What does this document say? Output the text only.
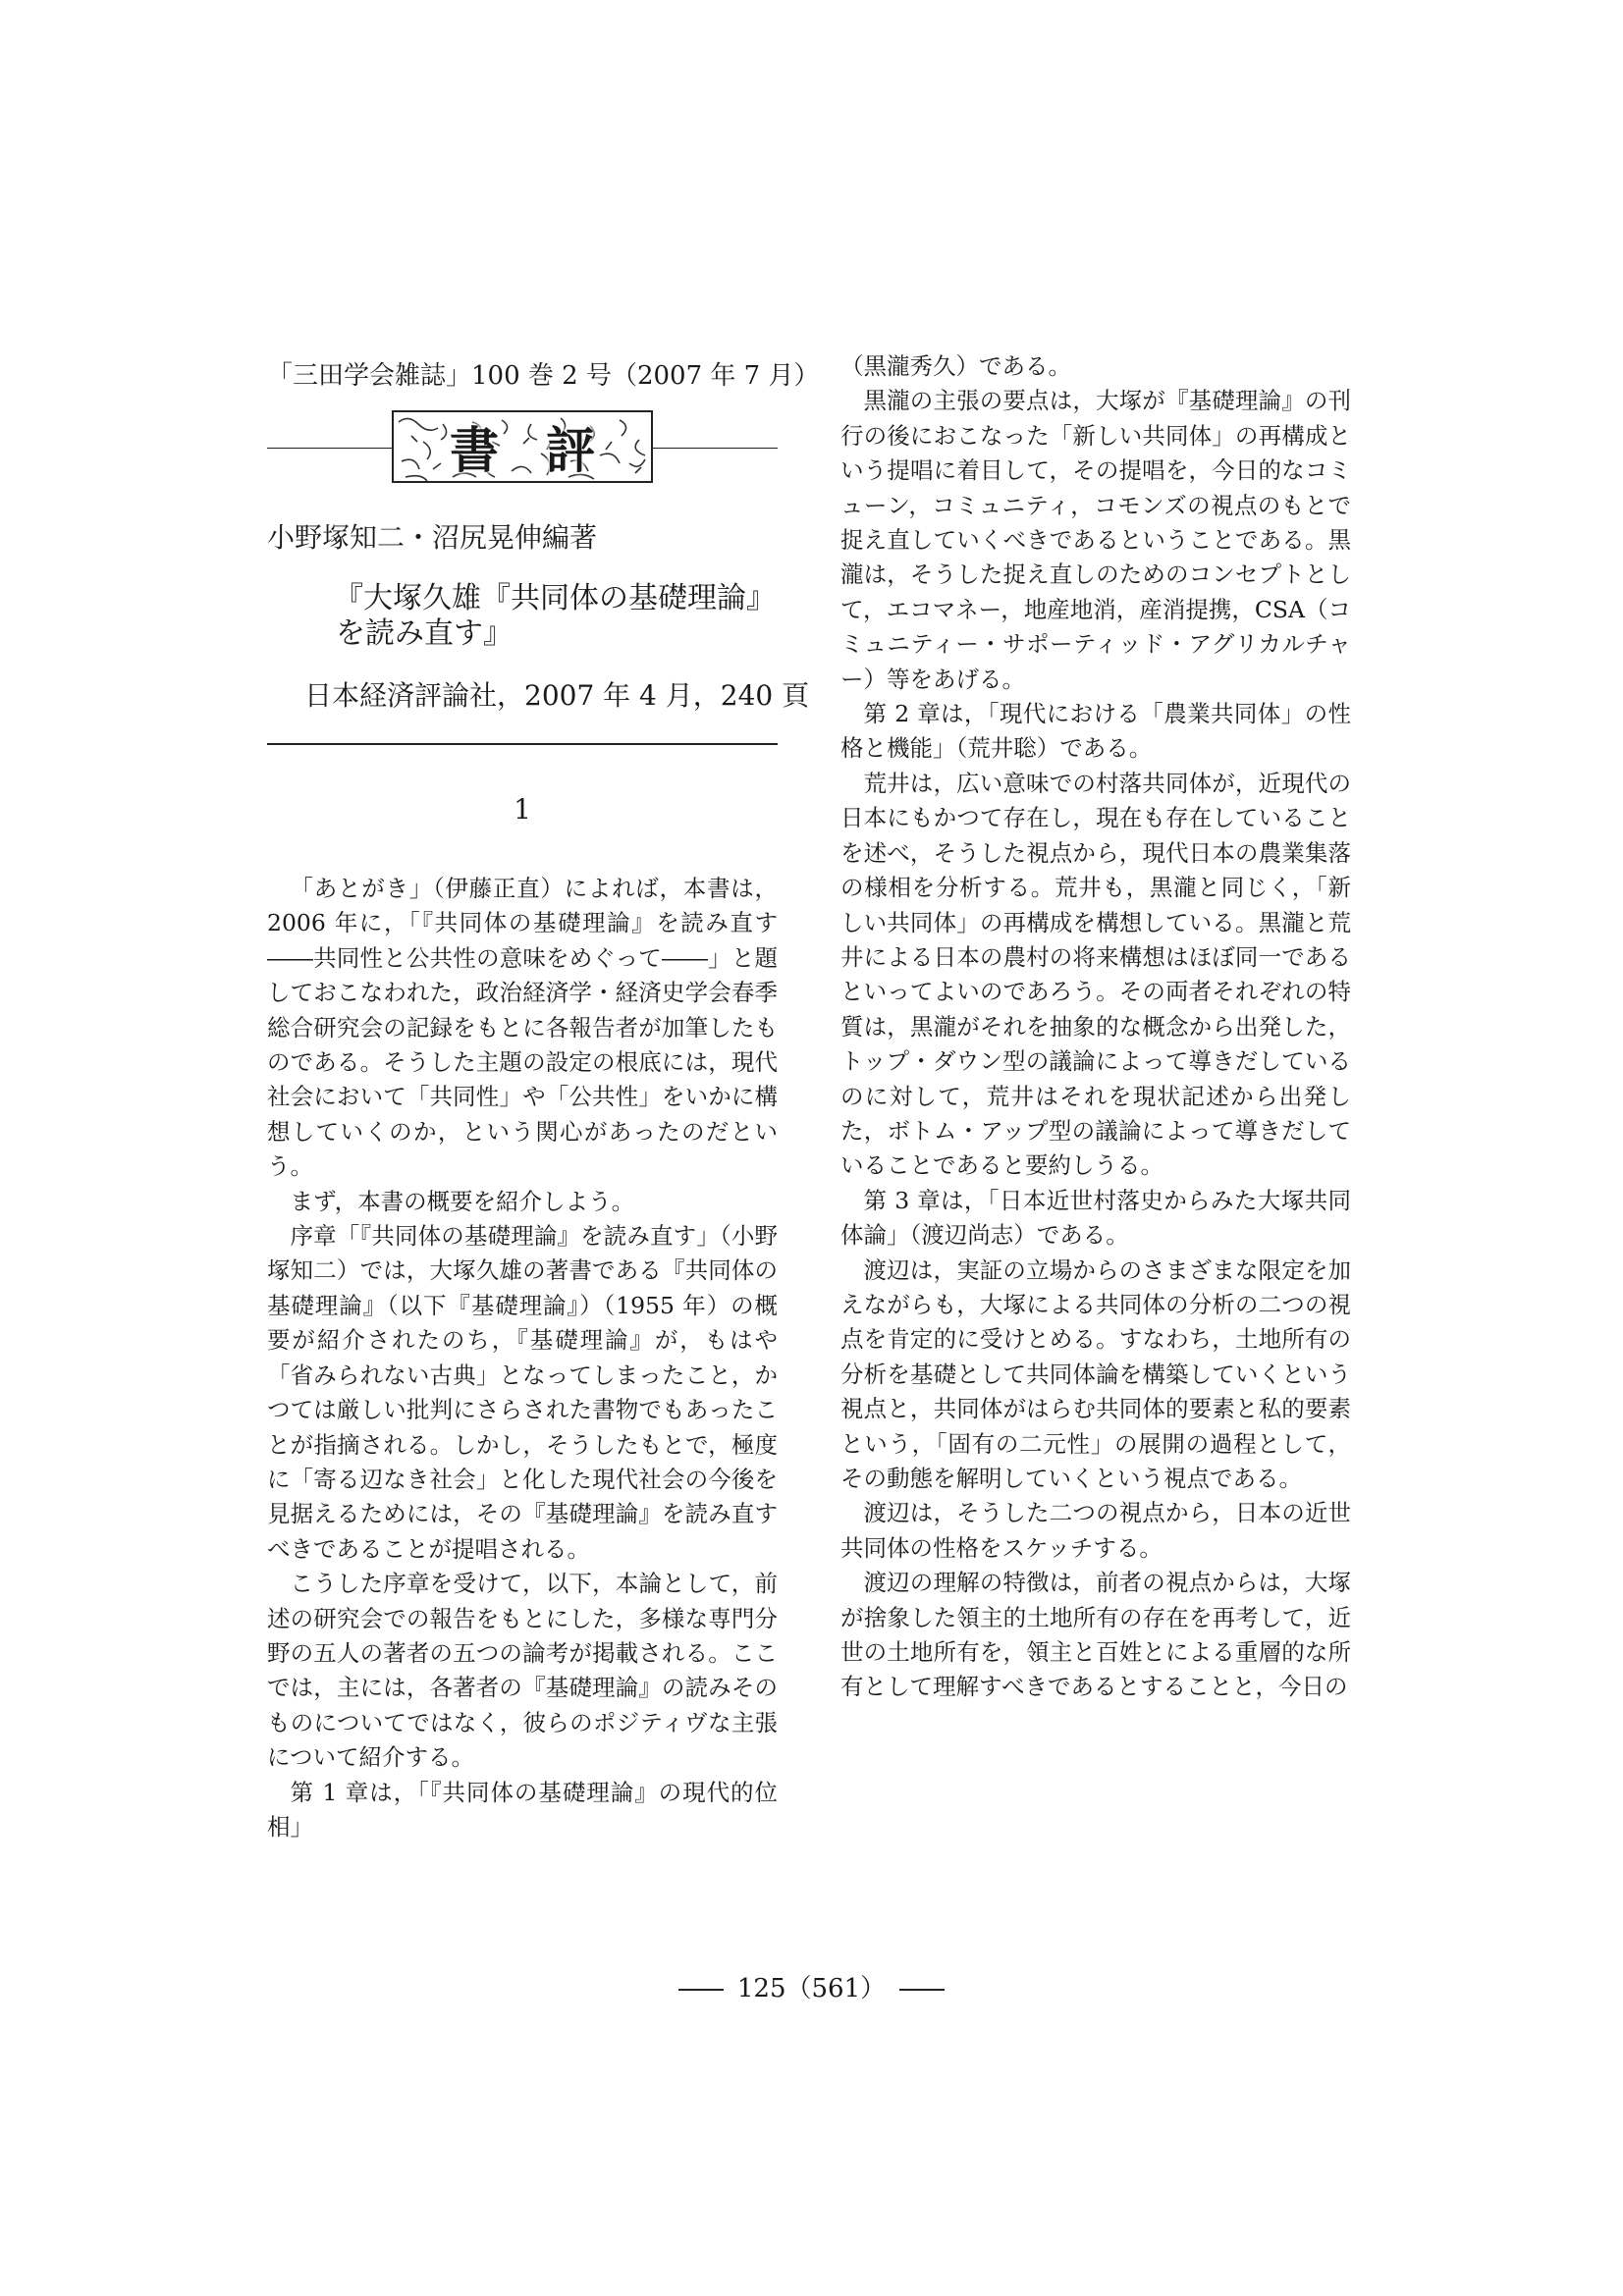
「三田学会雑誌」100 巻 2 号（2007 年 7 月）
書評
小野塚知二・沼尻晃伸編著
『大塚久雄『共同体の基礎理論』
を読み直す』
日本経済評論社，2007 年 4 月，240 頁
1

「あとがき」（伊藤正直）によれば，本書は，2006 年に，「『共同体の基礎理論』を読み直す――共同性と公共性の意味をめぐって――」と題しておこなわれた，政治経済学・経済史学会春季総合研究会の記録をもとに各報告者が加筆したものである。そうした主題の設定の根底には，現代社会において「共同性」や「公共性」をいかに構想していくのか，という関心があったのだという。

まず，本書の概要を紹介しよう。

序章「『共同体の基礎理論』を読み直す」（小野塚知二）では，大塚久雄の著書である『共同体の基礎理論』（以下『基礎理論』）（1955 年）の概要が紹介されたのち，『基礎理論』が，もはや「省みられない古典」となってしまったこと，かつては厳しい批判にさらされた書物でもあったことが指摘される。しかし，そうしたもとで，極度に「寄る辺なき社会」と化した現代社会の今後を見据えるためには，その『基礎理論』を読み直すべきであることが提唱される。

こうした序章を受けて，以下，本論として，前述の研究会での報告をもとにした，多様な専門分野の五人の著者の五つの論考が掲載される。ここでは，主には，各著者の『基礎理論』の読みそのものについてではなく，彼らのポジティヴな主張について紹介する。

第 1 章は，「『共同体の基礎理論』の現代的位相」

（黒瀧秀久）である。

黒瀧の主張の要点は，大塚が『基礎理論』の刊行の後におこなった「新しい共同体」の再構成という提唱に着目して，その提唱を，今日的なコミューン，コミュニティ，コモンズの視点のもとで捉え直していくべきであるということである。黒瀧は，そうした捉え直しのためのコンセプトとして，エコマネー，地産地消，産消提携，CSA（コミュニティー・サポーティッド・アグリカルチャー）等をあげる。

第 2 章は，「現代における「農業共同体」の性格と機能」（荒井聡）である。

荒井は，広い意味での村落共同体が，近現代の日本にもかつて存在し，現在も存在していることを述べ，そうした視点から，現代日本の農業集落の様相を分析する。荒井も，黒瀧と同じく，「新しい共同体」の再構成を構想している。黒瀧と荒井による日本の農村の将来構想はほぼ同一であるといってよいのであろう。その両者それぞれの特質は，黒瀧がそれを抽象的な概念から出発した，トップ・ダウン型の議論によって導きだしているのに対して，荒井はそれを現状記述から出発した，ボトム・アップ型の議論によって導きだしていることであると要約しうる。

第 3 章は，「日本近世村落史からみた大塚共同体論」（渡辺尚志）である。

渡辺は，実証の立場からのさまざまな限定を加えながらも，大塚による共同体の分析の二つの視点を肯定的に受けとめる。すなわち，土地所有の分析を基礎として共同体論を構築していくという視点と，共同体がはらむ共同体的要素と私的要素という，「固有の二元性」の展開の過程として，その動態を解明していくという視点である。

渡辺は，そうした二つの視点から，日本の近世共同体の性格をスケッチする。

渡辺の理解の特徴は，前者の視点からは，大塚が捨象した領主的土地所有の存在を再考して，近世の土地所有を，領主と百姓とによる重層的な所有として理解すべきであるとすることと，今日の

125（561）
